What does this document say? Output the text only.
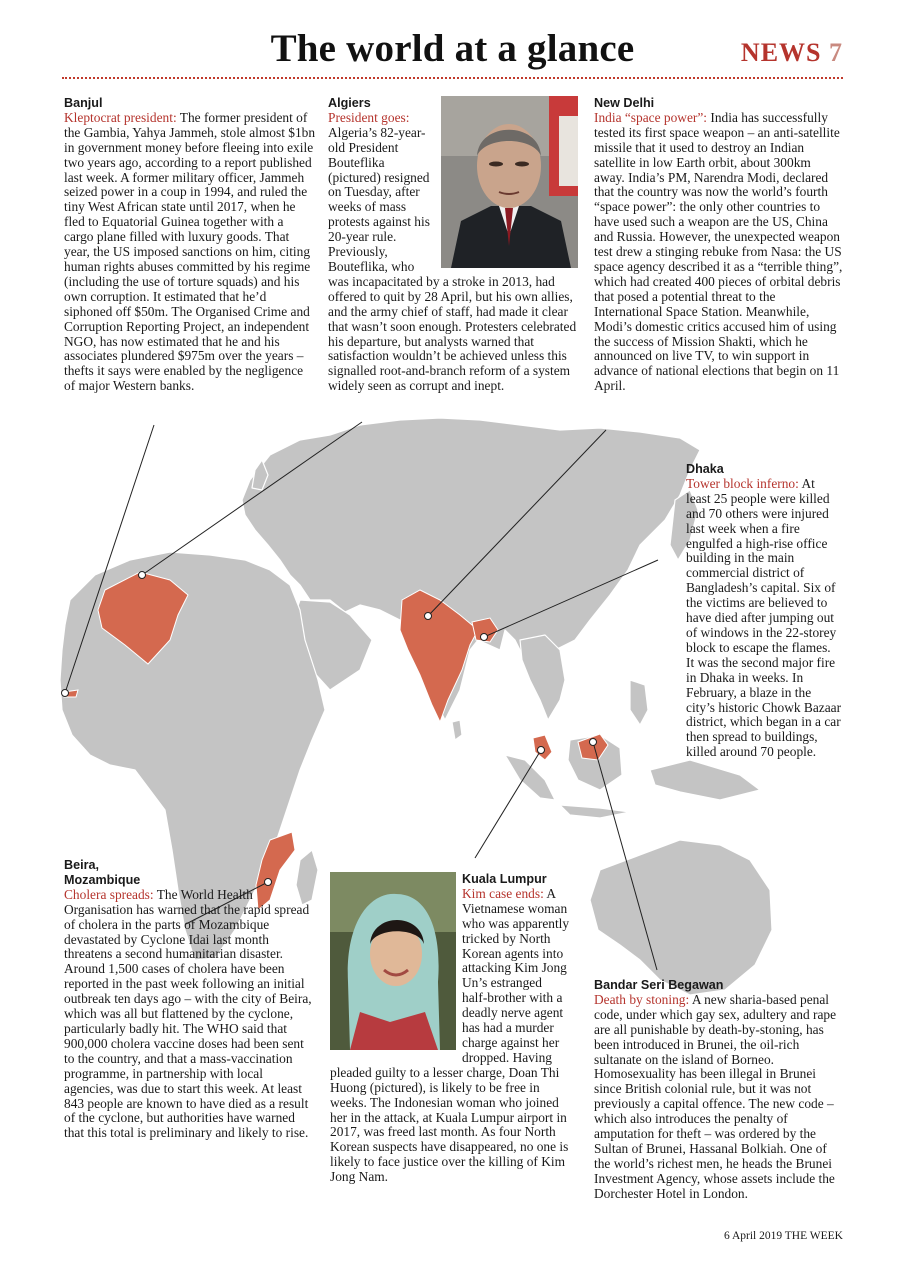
The world at a glance	NEWS 7
Banjul
Kleptocrat president: The former president of the Gambia, Yahya Jammeh, stole almost $1bn in government money before fleeing into exile two years ago, according to a report published last week. A former military officer, Jammeh seized power in a coup in 1994, and ruled the tiny West African state until 2017, when he fled to Equatorial Guinea together with a cargo plane filled with luxury goods. That year, the US imposed sanctions on him, citing human rights abuses committed by his regime (including the use of torture squads) and his own corruption. It estimated that he’d siphoned off $50m. The Organised Crime and Corruption Reporting Project, an independent NGO, has now estimated that he and his associates plundered $975m over the years – thefts it says were enabled by the negligence of major Western banks.
Algiers
President goes: Algeria’s 82-year-old President Bouteflika (pictured) resigned on Tuesday, after weeks of mass protests against his 20-year rule. Previously, Bouteflika, who was incapacitated by a stroke in 2013, had offered to quit by 28 April, but his own allies, and the army chief of staff, had made it clear that wasn’t soon enough. Protesters celebrated his departure, but analysts warned that satisfaction wouldn’t be achieved unless this signalled root-and-branch reform of a system widely seen as corrupt and inept.
New Delhi
India “space power”: India has successfully tested its first space weapon – an anti-satellite missile that it used to destroy an Indian satellite in low Earth orbit, about 300km away. India’s PM, Narendra Modi, declared that the country was now the world’s fourth “space power”: the only other countries to have used such a weapon are the US, China and Russia. However, the unexpected weapon test drew a stinging rebuke from Nasa: the US space agency described it as a “terrible thing”, which had created 400 pieces of orbital debris that posed a potential threat to the International Space Station. Meanwhile, Modi’s domestic critics accused him of using the success of Mission Shakti, which he announced on live TV, to win support in advance of national elections that begin on 11 April.
Dhaka
Tower block inferno: At least 25 people were killed and 70 others were injured last week when a fire engulfed a high-rise office building in the main commercial district of Bangladesh’s capital. Six of the victims are believed to have died after jumping out of windows in the 22-storey block to escape the flames. It was the second major fire in Dhaka in weeks. In February, a blaze in the city’s historic Chowk Bazaar district, which began in a car then spread to buildings, killed around 70 people.
Beira, Mozambique
Cholera spreads: The World Health Organisation has warned that the rapid spread of cholera in the parts of Mozambique devastated by Cyclone Idai last month threatens a second humanitarian disaster. Around 1,500 cases of cholera have been reported in the past week following an initial outbreak ten days ago – with the city of Beira, which was all but flattened by the cyclone, particularly badly hit. The WHO said that 900,000 cholera vaccine doses had been sent to the country, and that a mass-vaccination programme, in partnership with local agencies, was due to start this week. At least 843 people are known to have died as a result of the cyclone, but authorities have warned that this total is preliminary and likely to rise.
Kuala Lumpur
Kim case ends: A Vietnamese woman who was apparently tricked by North Korean agents into attacking Kim Jong Un’s estranged half-brother with a deadly nerve agent has had a murder charge against her dropped. Having pleaded guilty to a lesser charge, Doan Thi Huong (pictured), is likely to be free in weeks. The Indonesian woman who joined her in the attack, at Kuala Lumpur airport in 2017, was freed last month. As four North Korean suspects have disappeared, no one is likely to face justice over the killing of Kim Jong Nam.
Bandar Seri Begawan
Death by stoning: A new sharia-based penal code, under which gay sex, adultery and rape are all punishable by death-by-stoning, has been introduced in Brunei, the oil-rich sultanate on the island of Borneo. Homosexuality has been illegal in Brunei since British colonial rule, but it was not previously a capital offence. The new code – which also introduces the penalty of amputation for theft – was ordered by the Sultan of Brunei, Hassanal Bolkiah. One of the world’s richest men, he heads the Brunei Investment Agency, whose assets include the Dorchester Hotel in London.
6 April 2019 THE WEEK
